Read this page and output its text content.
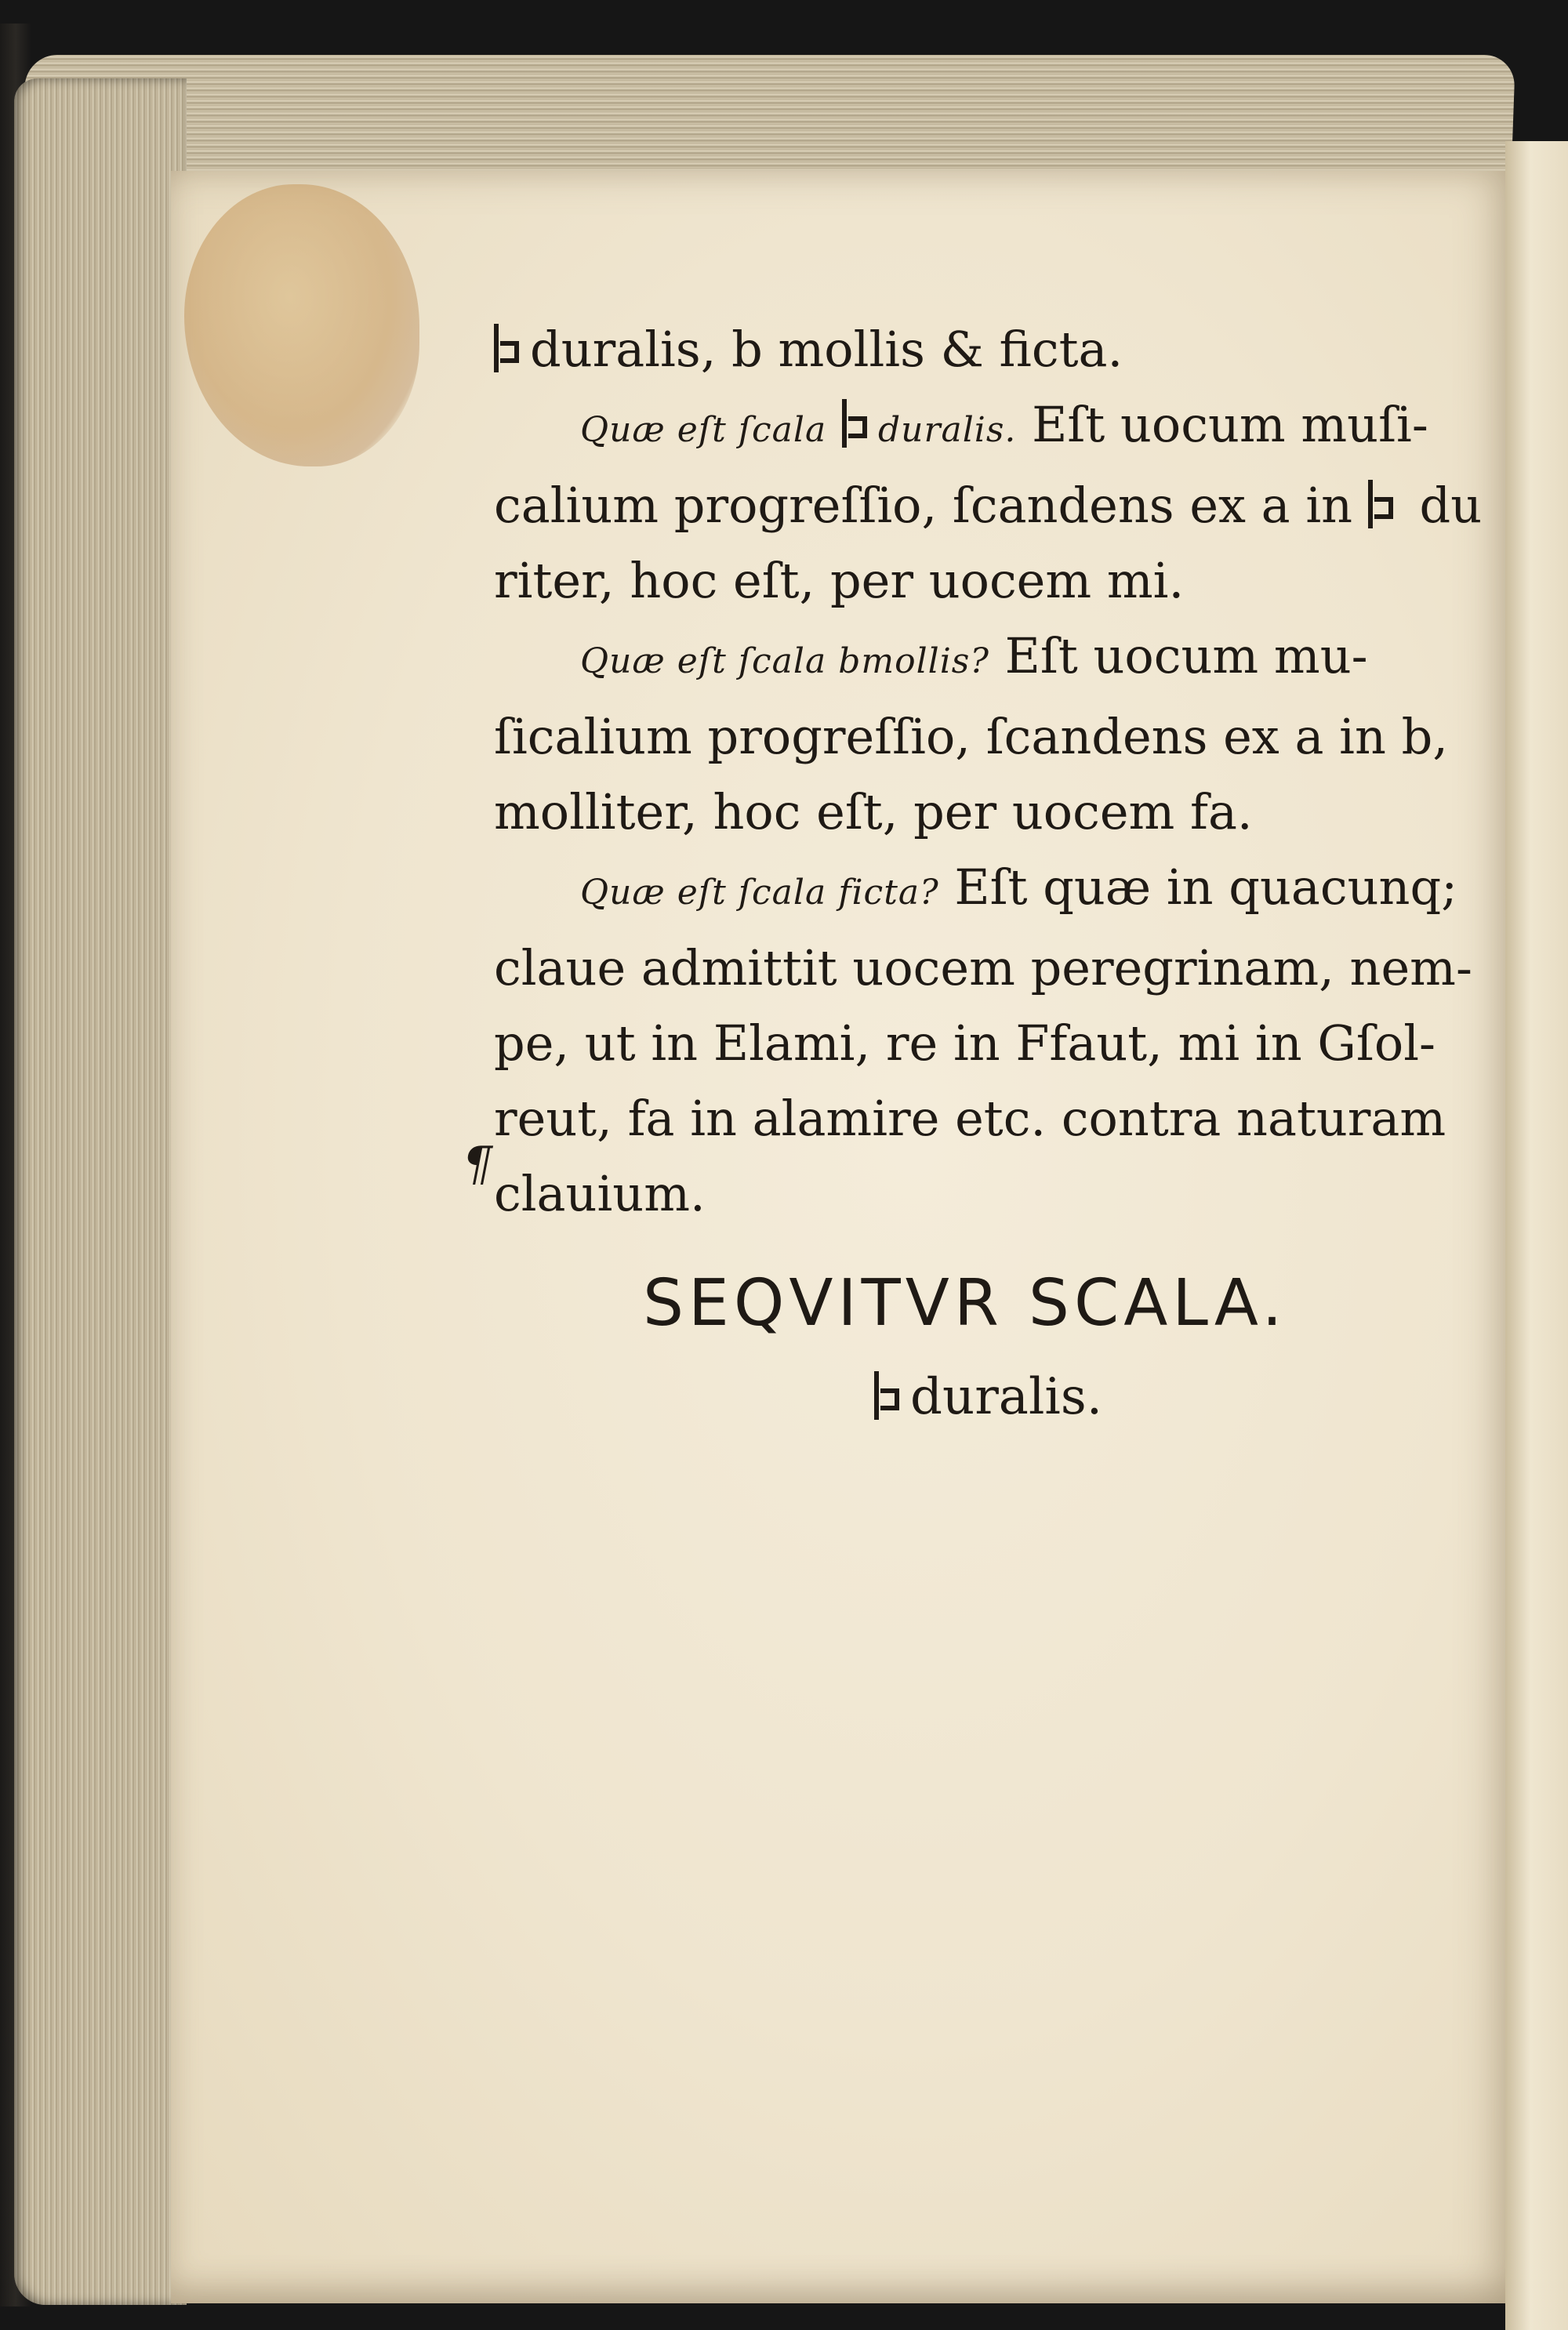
duralis, b mollis & ficta.
Quæ eſt ſcala duralis. Eſt uocum muſi-
calium progreſſio, ſcandens ex a in  du
riter, hoc eſt, per uocem mi.
Quæ eſt ſcala bmollis? Eſt uocum mu-
ſicalium progreſſio, ſcandens ex a in b,
molliter, hoc eſt, per uocem fa.
Quæ eſt ſcala ficta? Eſt quæ in quacunq;
claue admittit uocem peregrinam, nem-
pe, ut in Elami, re in Ffaut, mi in Gſol-
reut, fa in alamire etc. contra naturam
clauium.
¶
SEQVITVR SCALA.
duralis.
